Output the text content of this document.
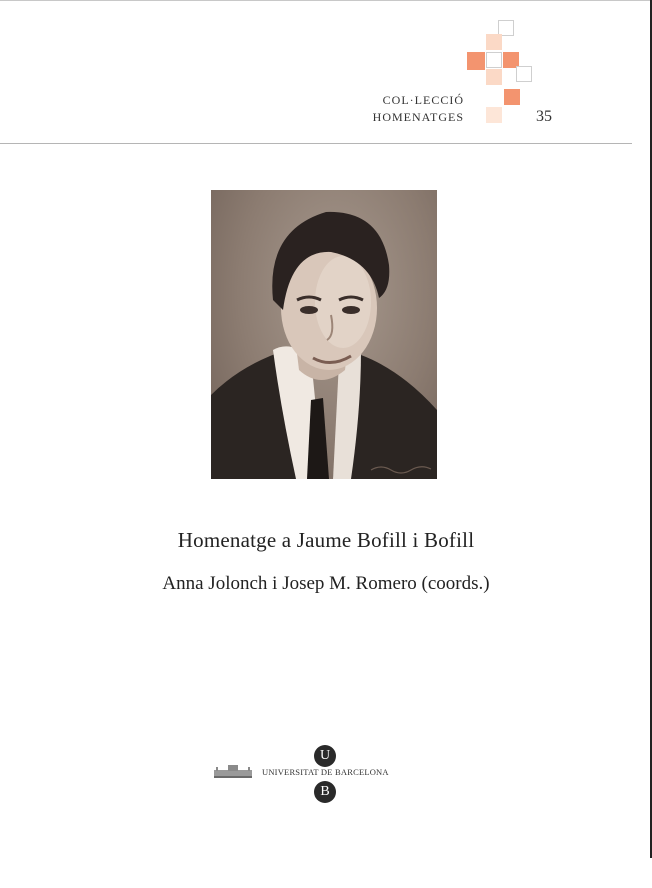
COL·LECCIÓ
HOMENATGES	35
Homenatge a Jaume Bofill i Bofill
Anna Jolonch i Josep M. Romero (coords.)
U
UNIVERSITAT DE BARCELONA
B
